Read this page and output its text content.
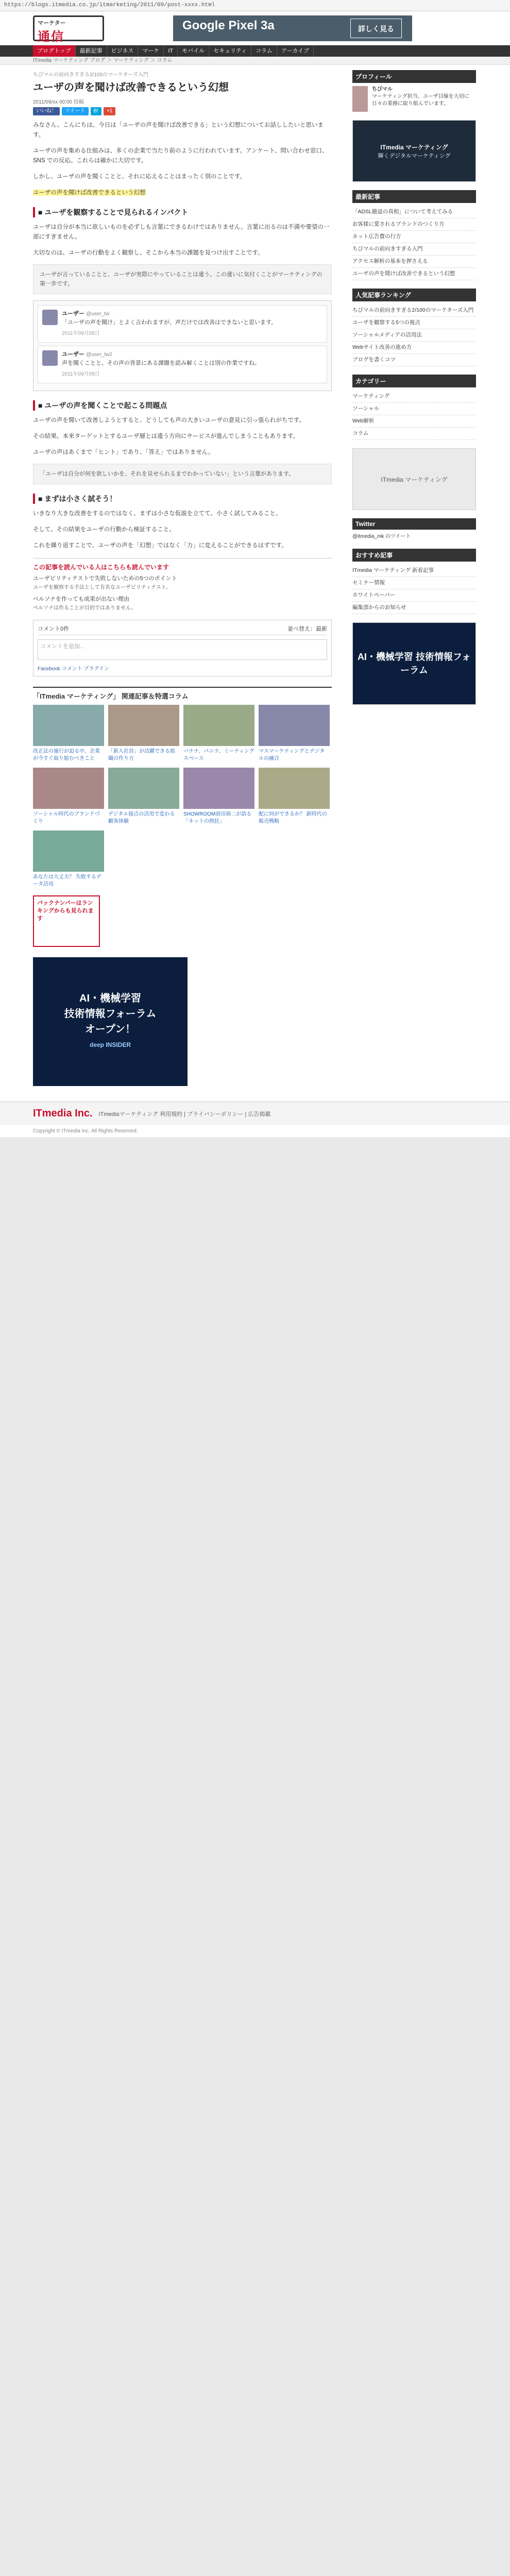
https://blogs.itmedia.co.jp/itmarketing/2011/09/post-xxxx.html
マーケター
通信
Google Pixel 3a	詳しく見る
ブログトップ	最新記事	ビジネス	マーケ	IT	モバイル	セキュリティ	コラム	アーカイブ
ITmedia マーケティング ブログ ＞ マーケティング ＞ コラム
ちびマルの前向きすぎる2/100のマーケターズ入門
ユーザの声を聞けば改善できるという幻想
2011/09/xx 00:00 投稿
いいね！	ツイート	B!	+1

みなさん、こんにちは。今日は「ユーザの声を聞けば改善できる」という幻想についてお話ししたいと思います。

ユーザの声を集める仕組みは、多くの企業で当たり前のように行われています。アンケート、問い合わせ窓口、SNS での反応。これらは確かに大切です。

しかし、ユーザの声を聞くことと、それに応えることはまったく別のことです。

ユーザの声を聞けば改善できるという幻想

■ ユーザを観察することで見られるインパクト

ユーザは自分が本当に欲しいものを必ずしも言葉にできるわけではありません。言葉に出るのは不満や要望の一部にすぎません。

大切なのは、ユーザの行動をよく観察し、そこから本当の課題を見つけ出すことです。

ユーザが言っていることと、ユーザが実際にやっていることは違う。この違いに気付くことがマーケティングの第一歩です。
ユーザー @user_tw
「ユーザの声を聞け」とよく言われますが、声だけでは改善はできないと思います。
2011年09月05日
ユーザー @user_tw2
声を聞くことと、その声の背景にある課題を読み解くことは別の作業ですね。
2011年09月05日
■ ユーザの声を聞くことで起こる問題点

ユーザの声を聞いて改善しようとすると、どうしても声の大きいユーザの意見に引っ張られがちです。

その結果、本来ターゲットとするユーザ層とは違う方向にサービスが進んでしまうこともあります。

ユーザの声はあくまで「ヒント」であり、「答え」ではありません。

「ユーザは自分が何を欲しいかを、それを見せられるまでわかっていない」という言葉があります。
■ まずは小さく試そう！

いきなり大きな改善をするのではなく、まずは小さな仮説を立てて、小さく試してみること。

そして、その結果をユーザの行動から検証すること。

これを繰り返すことで、ユーザの声を「幻想」ではなく「力」に変えることができるはずです。

この記事を読んでいる人はこちらも読んでいます
ユーザビリティテストで失敗しないための5つのポイント
ユーザを観察する手法として有名なユーザビリティテスト。
ペルソナを作っても成果が出ない理由
ペルソナは作ることが目的ではありません。
コメント0件	並べ替え：最新
コメントを追加...
Facebook コメント プラグイン
「ITmedia マーケティング」 関連記事＆特選コラム
改正法の施行が迫る中、企業が今すぐ取り組むべきこと
「新入社員」が活躍できる組織の作り方
バナナ、パニラ、ミーティングスペース
マスマーケティングとデジタルの融合
ソーシャル時代のブランドづくり
デジタル接点の活用で変わる顧客体験
SHOWROOM前田裕二が語る「ネットの熱狂」
配に何ができるか？ 新時代の販売戦略
あなたは大丈夫？ 失敗するデータ活用
バックナンバーはランキングからも見られます
AI・機械学習
技術情報フォーラム
オープン！
deep INSIDER
プロフィール
ちびマル
マーケティング担当。ユーザ目線を大切に日々の業務に取り組んでいます。
ITmedia マーケティング
輝くデジタルマーケティング
最新記事
「ADSL撤退の真相」について考えてみる
お客様に愛されるブランドのつくり方
ネット広告費の行方
ちびマルの前向きすぎる入門
アクセス解析の基本を押さえる
ユーザの声を聞けば改善できるという幻想
人気記事ランキング
ちびマルの前向きすぎる2/100のマーケターズ入門
ユーザを観察する5つの視点
ソーシャルメディアの活用法
Webサイト改善の進め方
ブログを書くコツ
カテゴリー
マーケティング
ソーシャル
Web解析
コラム
ITmedia マーケティング
Twitter
@itmedia_mk のツイート
おすすめ記事
ITmedia マーケティング 新着記事
セミナー情報
ホワイトペーパー
編集部からのお知らせ
AI・機械学習 技術情報フォーラム
ITmedia Inc. ITmediaマーケティング 利用規約 | プライバシーポリシー | 広告掲載
Copyright © ITmedia Inc. All Rights Reserved.
